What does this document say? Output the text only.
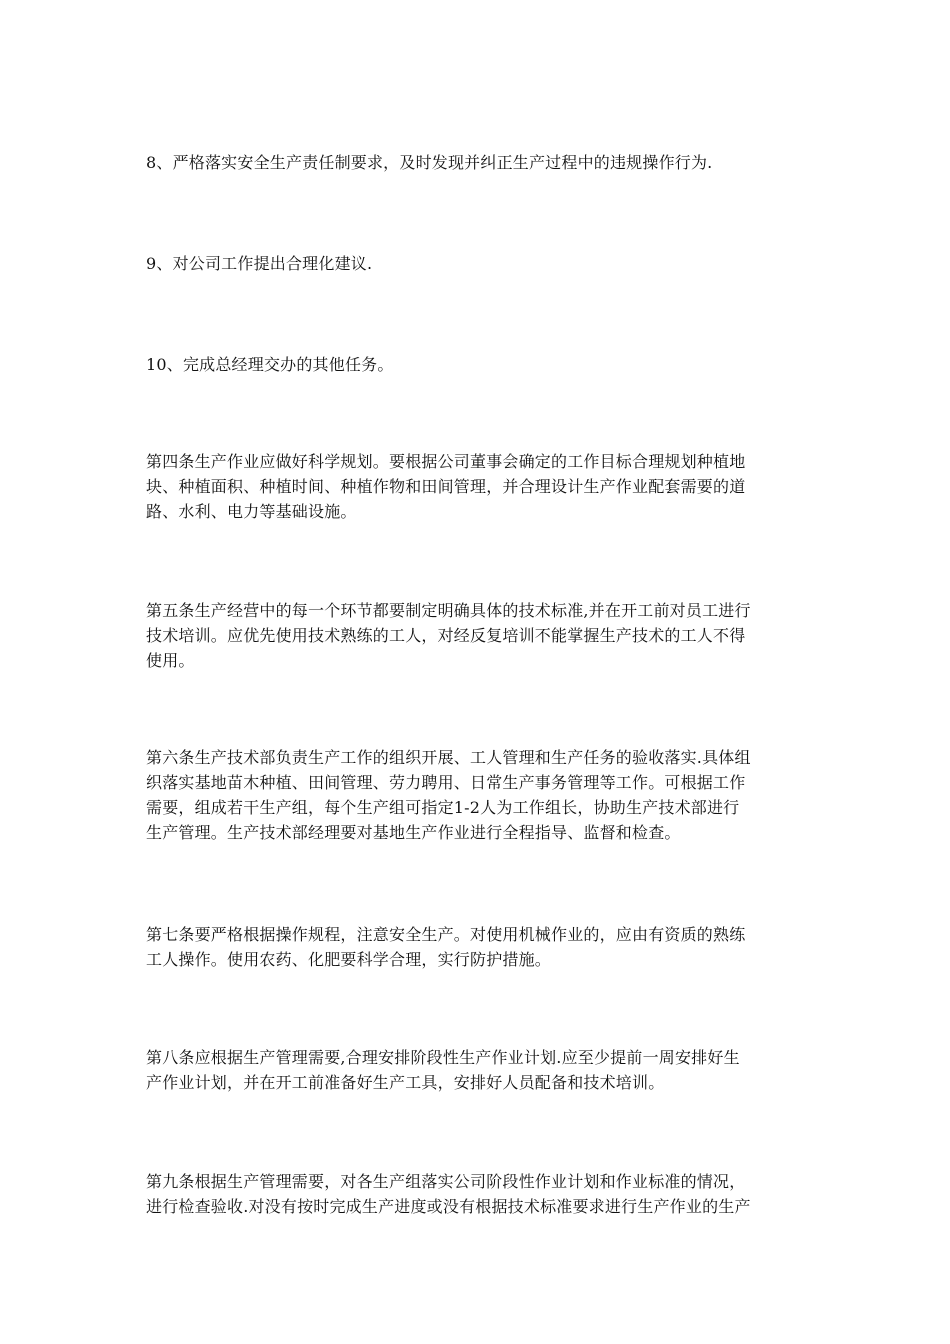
8、严格落实安全生产责任制要求，及时发现并纠正生产过程中的违规操作行为.

9、对公司工作提出合理化建议.

10、完成总经理交办的其他任务。

第四条生产作业应做好科学规划。要根据公司董事会确定的工作目标合理规划种植地
块、种植面积、种植时间、种植作物和田间管理，并合理设计生产作业配套需要的道
路、水利、电力等基础设施。

第五条生产经营中的每一个环节都要制定明确具体的技术标准,并在开工前对员工进行
技术培训。应优先使用技术熟练的工人，对经反复培训不能掌握生产技术的工人不得
使用。

第六条生产技术部负责生产工作的组织开展、工人管理和生产任务的验收落实.具体组
织落实基地苗木种植、田间管理、劳力聘用、日常生产事务管理等工作。可根据工作
需要，组成若干生产组，每个生产组可指定1-2人为工作组长，协助生产技术部进行
生产管理。生产技术部经理要对基地生产作业进行全程指导、监督和检查。

第七条要严格根据操作规程，注意安全生产。对使用机械作业的，应由有资质的熟练
工人操作。使用农药、化肥要科学合理，实行防护措施。

第八条应根据生产管理需要,合理安排阶段性生产作业计划.应至少提前一周安排好生
产作业计划，并在开工前准备好生产工具，安排好人员配备和技术培训。

第九条根据生产管理需要，对各生产组落实公司阶段性作业计划和作业标准的情况，
进行检查验收.对没有按时完成生产进度或没有根据技术标准要求进行生产作业的生产
